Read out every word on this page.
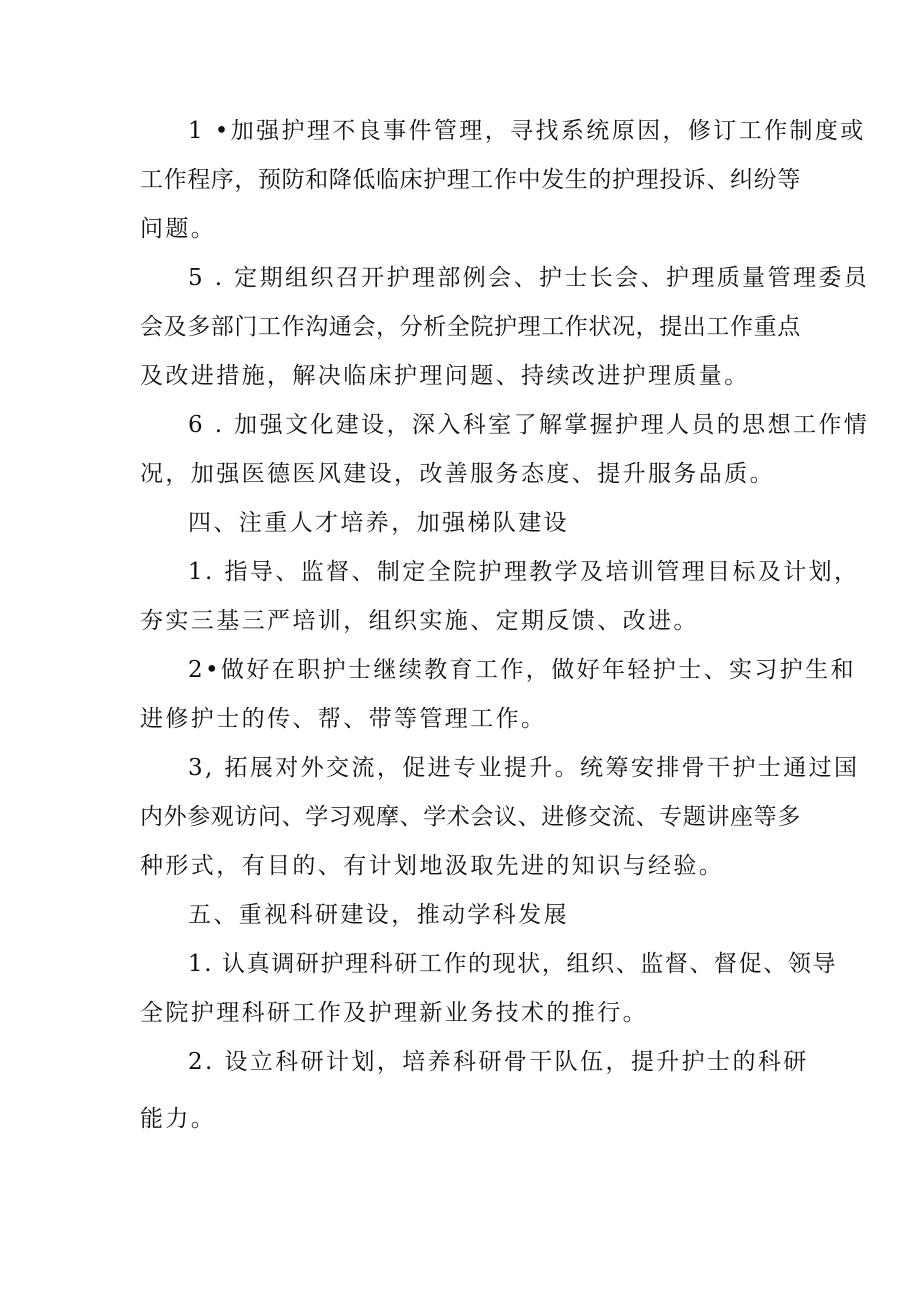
1 •加强护理不良事件管理，寻找系统原因，修订工作制度或
工作程序，预防和降低临床护理工作中发生的护理投诉、纠纷等
问题。
5 . 定期组织召开护理部例会、护士长会、护理质量管理委员
会及多部门工作沟通会，分析全院护理工作状况，提出工作重点
及改进措施，解决临床护理问题、持续改进护理质量。
6 . 加强文化建设，深入科室了解掌握护理人员的思想工作情
况，加强医德医风建设，改善服务态度、提升服务品质。
四、注重人才培养，加强梯队建设
1. 指导、监督、制定全院护理教学及培训管理目标及计划，
夯实三基三严培训，组织实施、定期反馈、改进。
2•做好在职护士继续教育工作，做好年轻护士、实习护生和
进修护士的传、帮、带等管理工作。
3, 拓展对外交流，促进专业提升。统筹安排骨干护士通过国
内外参观访问、学习观摩、学术会议、进修交流、专题讲座等多
种形式，有目的、有计划地汲取先进的知识与经验。
五、重视科研建设，推动学科发展
1. 认真调研护理科研工作的现状，组织、监督、督促、领导
全院护理科研工作及护理新业务技术的推行。
2. 设立科研计划，培养科研骨干队伍，提升护士的科研
能力。
